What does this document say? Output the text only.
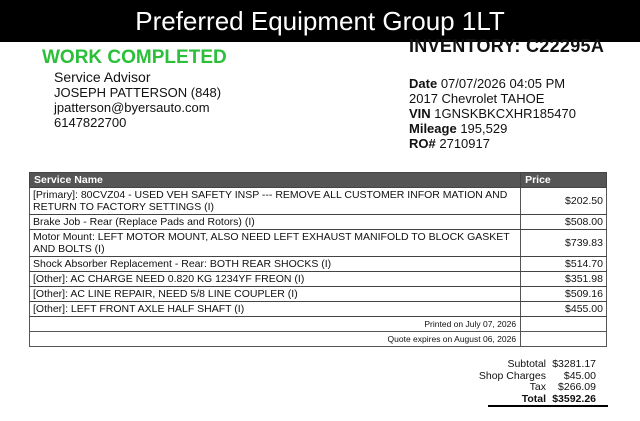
Preferred Equipment Group 1LT
WORK COMPLETED
INVENTORY: C22295A
Service Advisor
JOSEPH PATTERSON (848)
jpatterson@byersauto.com
6147822700
Date 07/07/2026 04:05 PM
2017 Chevrolet TAHOE
VIN 1GNSKBKCXHR185470
Mileage 195,529
RO# 2710917
Service Name	Price
[Primary]: 80CVZ04 - USED VEH SAFETY INSP --- REMOVE ALL CUSTOMER INFOR MATION AND RETURN TO FACTORY SETTINGS (I)	$202.50
Brake Job - Rear (Replace Pads and Rotors) (I)	$508.00
Motor Mount: LEFT MOTOR MOUNT, ALSO NEED LEFT EXHAUST MANIFOLD TO BLOCK GASKET AND BOLTS (I)	$739.83
Shock Absorber Replacement - Rear: BOTH REAR SHOCKS (I)	$514.70
[Other]: AC CHARGE NEED 0.820 KG 1234YF FREON (I)	$351.98
[Other]: AC LINE REPAIR, NEED 5/8 LINE COUPLER (I)	$509.16
[Other]: LEFT FRONT AXLE HALF SHAFT (I)	$455.00
Printed on July 07, 2026	
Quote expires on August 06, 2026	
Subtotal $3281.17
Shop Charges	$45.00
Tax	$266.09
Total $3592.26
